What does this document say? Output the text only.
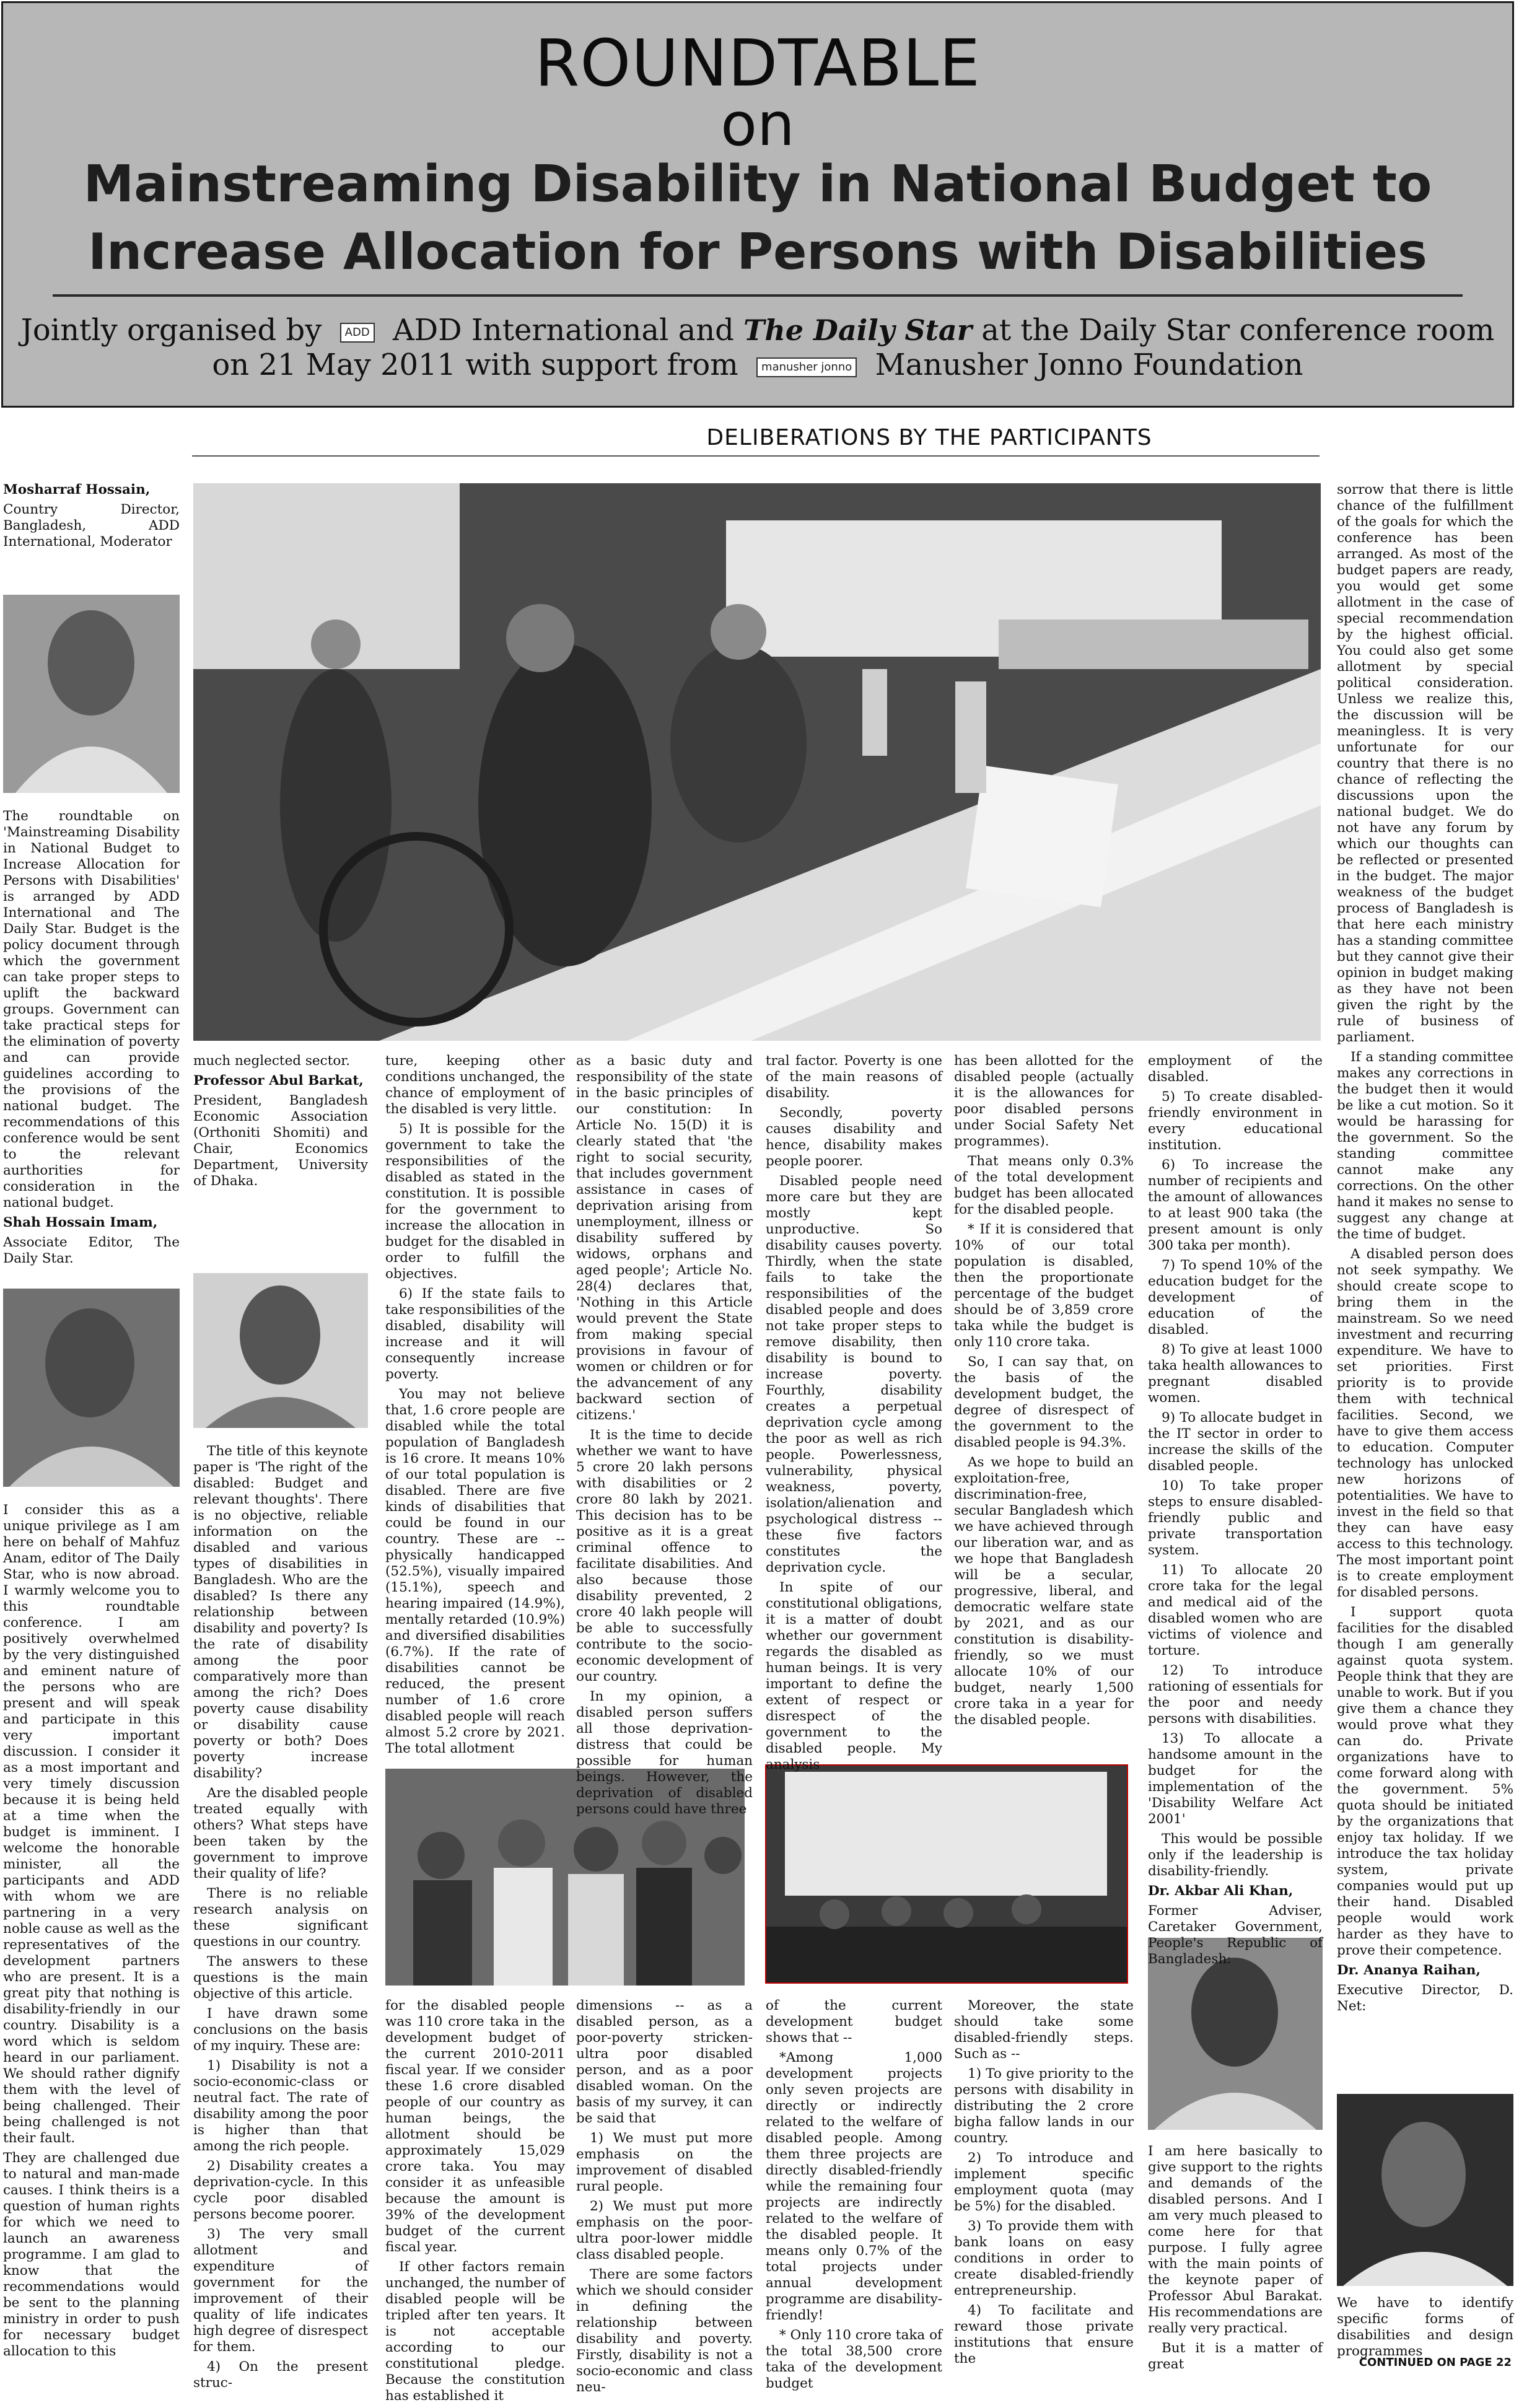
ROUNDTABLE
on
Mainstreaming Disability in National Budget to
Increase Allocation for Persons with Disabilities
Jointly organised by ADD ADD International and The Daily Star at the Daily Star conference room
on 21 May 2011 with support from manusher jonno Manusher Jonno Foundation
DELIBERATIONS BY THE PARTICIPANTS

Mosharraf Hossain,

Country Director, Bangladesh, ADD International, Moderator

The roundtable on 'Mainstreaming Disability in National Budget to Increase Allocation for Persons with Disabilities' is arranged by ADD International and The Daily Star. Budget is the policy document through which the government can take proper steps to uplift the backward groups. Government can take practical steps for the elimination of poverty and can provide guidelines according to the provisions of the national budget. The recommendations of this conference would be sent to the relevant aurthorities for consideration in the national budget.

Shah Hossain Imam,

Associate Editor, The Daily Star.

I consider this as a unique privilege as I am here on behalf of Mahfuz Anam, editor of The Daily Star, who is now abroad. I warmly welcome you to this roundtable conference. I am positively overwhelmed by the very distinguished and eminent nature of the persons who are present and will speak and participate in this very important discussion. I consider it as a most important and very timely discussion because it is being held at a time when the budget is imminent. I welcome the honorable minister, all the participants and ADD with whom we are partnering in a very noble cause as well as the representatives of the development partners who are present. It is a great pity that nothing is disability-friendly in our country. Disability is a word which is seldom heard in our parliament. We should rather dignify them with the level of being challenged. Their being challenged is not their fault.

They are challenged due to natural and man-made causes. I think theirs is a question of human rights for which we need to launch an awareness programme. I am glad to know that the recommendations would be sent to the planning ministry in order to push for necessary budget allocation to this

much neglected sector.

Professor Abul Barkat,

President, Bangladesh Economic Association (Orthoniti Shomiti) and Chair, Economics Department, University of Dhaka.

The title of this keynote paper is 'The right of the disabled: Budget and relevant thoughts'. There is no objective, reliable information on the disabled and various types of disabilities in Bangladesh. Who are the disabled? Is there any relationship between disability and poverty? Is the rate of disability among the poor comparatively more than among the rich? Does poverty cause disability or disability cause poverty or both? Does poverty increase disability?

Are the disabled people treated equally with others? What steps have been taken by the government to improve their quality of life?

There is no reliable research analysis on these significant questions in our country.

The answers to these questions is the main objective of this article.

I have drawn some conclusions on the basis of my inquiry. These are:

1) Disability is not a socio-economic-class or neutral fact. The rate of disability among the poor is higher than that among the rich people.

2) Disability creates a deprivation-cycle. In this cycle poor disabled persons become poorer.

3) The very small allotment and expenditure of government for the improvement of their quality of life indicates high degree of disrespect for them.

4) On the present struc-

ture, keeping other conditions unchanged, the chance of employment of the disabled is very little.

5) It is possible for the government to take the responsibilities of the disabled as stated in the constitution. It is possible for the government to increase the allocation in budget for the disabled in order to fulfill the objectives.

6) If the state fails to take responsibilities of the disabled, disability will increase and it will consequently increase poverty.

You may not believe that, 1.6 crore people are disabled while the total population of Bangladesh is 16 crore. It means 10% of our total population is disabled. There are five kinds of disabilities that could be found in our country. These are -- physically handicapped (52.5%), visually impaired (15.1%), speech and hearing impaired (14.9%), mentally retarded (10.9%) and diversified disabilities (6.7%). If the rate of disabilities cannot be reduced, the present number of 1.6 crore disabled people will reach almost 5.2 crore by 2021. The total allotment

for the disabled people was 110 crore taka in the development budget of the current 2010-2011 fiscal year. If we consider these 1.6 crore disabled people of our country as human beings, the allotment should be approximately 15,029 crore taka. You may consider it as unfeasible because the amount is 39% of the development budget of the current fiscal year.

If other factors remain unchanged, the number of disabled people will be tripled after ten years. It is not acceptable according to our constitutional pledge. Because the constitution has established it

as a basic duty and responsibility of the state in the basic principles of our constitution: In Article No. 15(D) it is clearly stated that 'the right to social security, that includes government assistance in cases of deprivation arising from unemployment, illness or disability suffered by widows, orphans and aged people'; Article No. 28(4) declares that, 'Nothing in this Article would prevent the State from making special provisions in favour of women or children or for the advancement of any backward section of citizens.'

It is the time to decide whether we want to have 5 crore 20 lakh persons with disabilities or 2 crore 80 lakh by 2021. This decision has to be positive as it is a great criminal offence to facilitate disabilities. And also because those disability prevented, 2 crore 40 lakh people will be able to successfully contribute to the socio-economic development of our country.

In my opinion, a disabled person suffers all those deprivation-distress that could be possible for human beings. However, the deprivation of disabled persons could have three

dimensions -- as a disabled person, as a poor-poverty stricken-ultra poor disabled person, and as a poor disabled woman. On the basis of my survey, it can be said that

1) We must put more emphasis on the improvement of disabled rural people.

2) We must put more emphasis on the poor-ultra poor-lower middle class disabled people.

There are some factors which we should consider in defining the relationship between disability and poverty. Firstly, disability is not a socio-economic and class neu-

tral factor. Poverty is one of the main reasons of disability.

Secondly, poverty causes disability and hence, disability makes people poorer.

Disabled people need more care but they are mostly kept unproductive. So disability causes poverty. Thirdly, when the state fails to take the responsibilities of the disabled people and does not take proper steps to remove disability, then disability is bound to increase poverty. Fourthly, disability creates a perpetual deprivation cycle among the poor as well as rich people. Powerlessness, vulnerability, physical weakness, poverty, isolation/alienation and psychological distress -- these five factors constitutes the deprivation cycle.

In spite of our constitutional obligations, it is a matter of doubt whether our government regards the disabled as human beings. It is very important to define the extent of respect or disrespect of the government to the disabled people. My analysis

of the current development budget shows that --

*Among 1,000 development projects only seven projects are directly or indirectly related to the welfare of disabled people. Among them three projects are directly disabled-friendly while the remaining four projects are indirectly related to the welfare of the disabled people. It means only 0.7% of the total projects under annual development programme are disability-friendly!

* Only 110 crore taka of the total 38,500 crore taka of the development budget

has been allotted for the disabled people (actually it is the allowances for poor disabled persons under Social Safety Net programmes).

That means only 0.3% of the total development budget has been allocated for the disabled people.

* If it is considered that 10% of our total population is disabled, then the proportionate percentage of the budget should be of 3,859 crore taka while the budget is only 110 crore taka.

So, I can say that, on the basis of the development budget, the degree of disrespect of the government to the disabled people is 94.3%.

As we hope to build an exploitation-free, discrimination-free, secular Bangladesh which we have achieved through our liberation war, and as we hope that Bangladesh will be a secular, progressive, liberal, and democratic welfare state by 2021, and as our constitution is disability-friendly, so we must allocate 10% of our budget, nearly 1,500 crore taka in a year for the disabled people.

Moreover, the state should take some disabled-friendly steps. Such as --

1) To give priority to the persons with disability in distributing the 2 crore bigha fallow lands in our country.

2) To introduce and implement specific employment quota (may be 5%) for the disabled.

3) To provide them with bank loans on easy conditions in order to create disabled-friendly entrepreneurship.

4) To facilitate and reward those private institutions that ensure the

employment of the disabled.

5) To create disabled-friendly environment in every educational institution.

6) To increase the number of recipients and the amount of allowances to at least 900 taka (the present amount is only 300 taka per month).

7) To spend 10% of the education budget for the development of education of the disabled.

8) To give at least 1000 taka health allowances to pregnant disabled women.

9) To allocate budget in the IT sector in order to increase the skills of the disabled people.

10) To take proper steps to ensure disabled-friendly public and private transportation system.

11) To allocate 20 crore taka for the legal and medical aid of the disabled women who are victims of violence and torture.

12) To introduce rationing of essentials for the poor and needy persons with disabilities.

13) To allocate a handsome amount in the budget for the implementation of the 'Disability Welfare Act 2001'

This would be possible only if the leadership is disability-friendly.

Dr. Akbar Ali Khan,

Former Adviser, Caretaker Government, People's Republic of Bangladesh:

I am here basically to give support to the rights and demands of the disabled persons. And I am very much pleased to come here for that purpose. I fully agree with the main points of the keynote paper of Professor Abul Barakat. His recommendations are really very practical.

But it is a matter of great

sorrow that there is little chance of the fulfillment of the goals for which the conference has been arranged. As most of the budget papers are ready, you would get some allotment in the case of special recommendation by the highest official. You could also get some allotment by special political consideration. Unless we realize this, the discussion will be meaningless. It is very unfortunate for our country that there is no chance of reflecting the discussions upon the national budget. We do not have any forum by which our thoughts can be reflected or presented in the budget. The major weakness of the budget process of Bangladesh is that here each ministry has a standing committee but they cannot give their opinion in budget making as they have not been given the right by the rule of business of parliament.

If a standing committee makes any corrections in the budget then it would be like a cut motion. So it would be harassing for the government. So the standing committee cannot make any corrections. On the other hand it makes no sense to suggest any change at the time of budget.

A disabled person does not seek sympathy. We should create scope to bring them in the mainstream. So we need investment and recurring expenditure. We have to set priorities. First priority is to provide them with technical facilities. Second, we have to give them access to education. Computer technology has unlocked new horizons of potentialities. We have to invest in the field so that they can have easy access to this technology. The most important point is to create employment for disabled persons.

I support quota facilities for the disabled though I am generally against quota system. People think that they are unable to work. But if you give them a chance they would prove what they can do. Private organizations have to come forward along with the government. 5% quota should be initiated by the organizations that enjoy tax holiday. If we introduce the tax holiday system, private companies would put up their hand. Disabled people would work harder as they have to prove their competence.

Dr. Ananya Raihan,

Executive Director, D. Net:

We have to identify specific forms of disabilities and design programmes

CONTINUED ON PAGE 22
